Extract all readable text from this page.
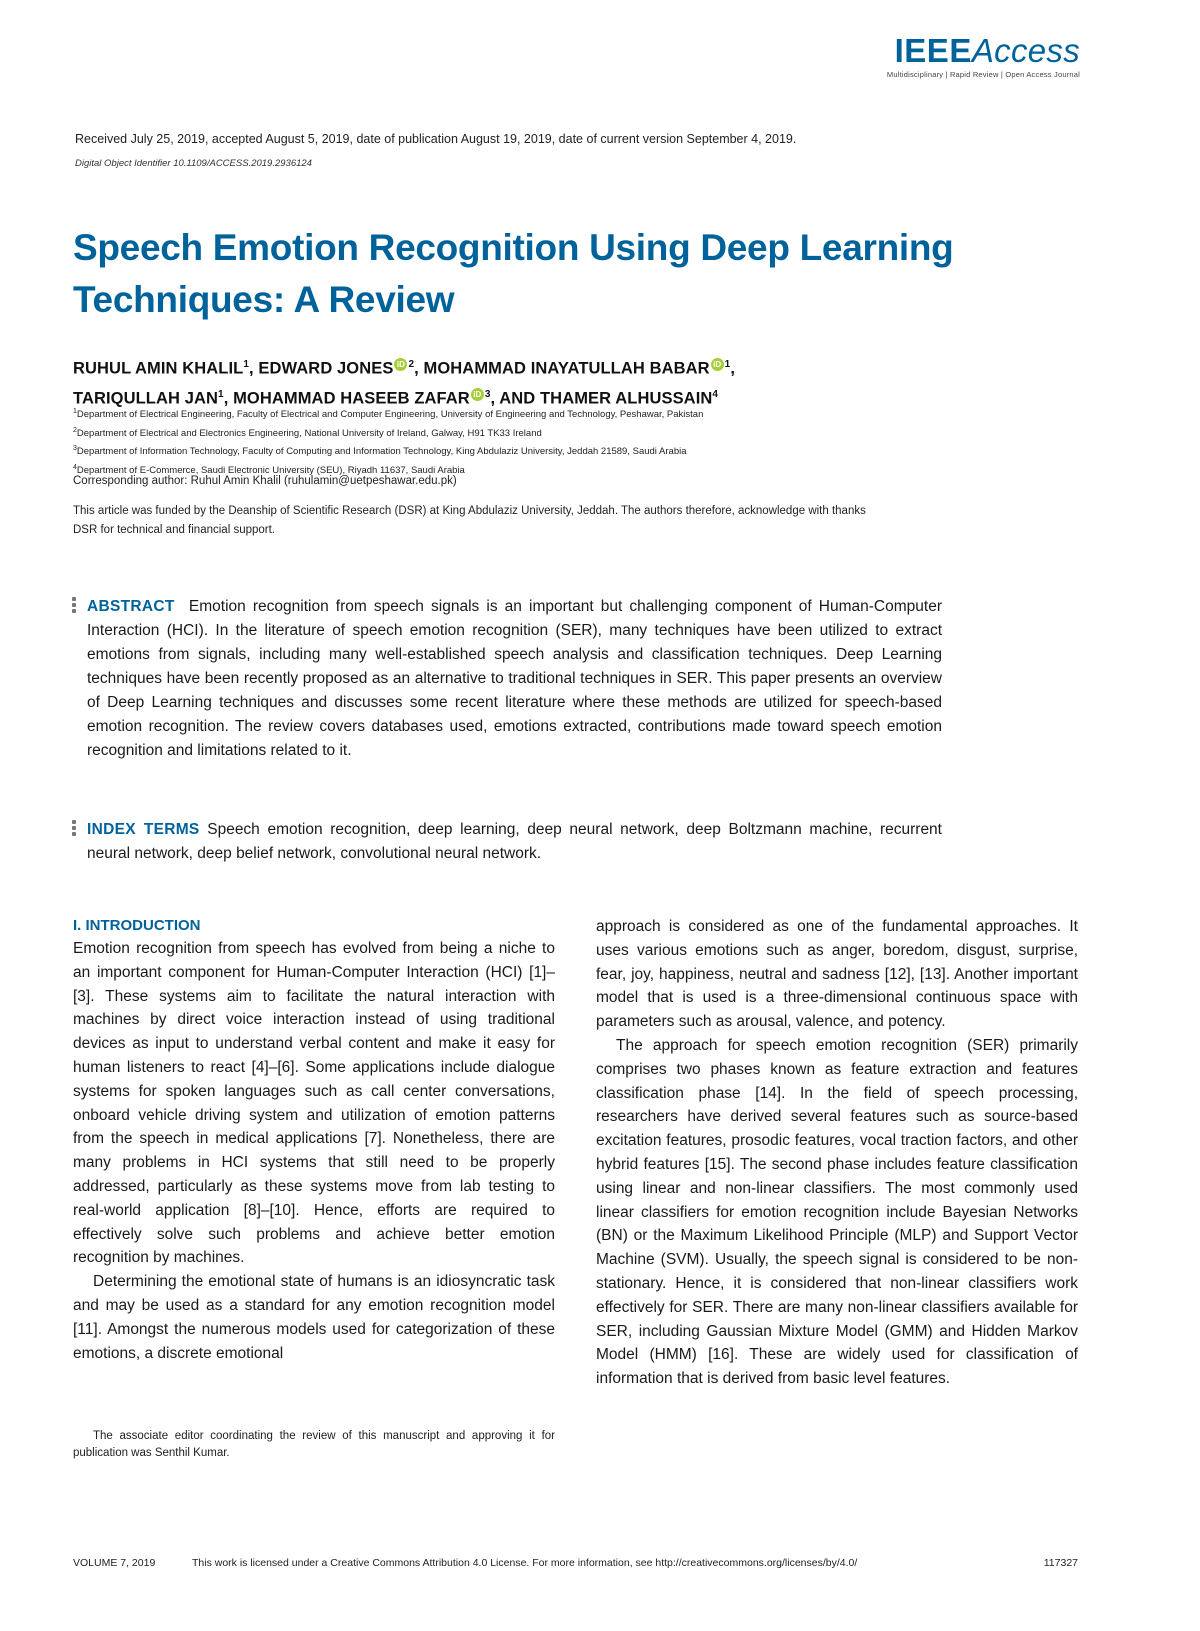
IEEEAccess
Multidisciplinary | Rapid Review | Open Access Journal
Received July 25, 2019, accepted August 5, 2019, date of publication August 19, 2019, date of current version September 4, 2019.
Digital Object Identifier 10.1109/ACCESS.2019.2936124
Speech Emotion Recognition Using Deep Learning Techniques: A Review

RUHUL AMIN KHALIL$^1$, EDWARD JONES iD $^2$, MOHAMMAD INAYATULLAH BABAR iD $^1$,
TARIQULLAH JAN$^1$, MOHAMMAD HASEEB ZAFAR iD $^3$, AND THAMER ALHUSSAIN$^4$

$^1$Department of Electrical Engineering, Faculty of Electrical and Computer Engineering, University of Engineering and Technology, Peshawar, Pakistan
$^2$Department of Electrical and Electronics Engineering, National University of Ireland, Galway, H91 TK33 Ireland
$^3$Department of Information Technology, Faculty of Computing and Information Technology, King Abdulaziz University, Jeddah 21589, Saudi Arabia
$^4$Department of E-Commerce, Saudi Electronic University (SEU), Riyadh 11637, Saudi Arabia
Corresponding author: Ruhul Amin Khalil (ruhulamin@uetpeshawar.edu.pk)
This article was funded by the Deanship of Scientific Research (DSR) at King Abdulaziz University, Jeddah. The authors therefore, acknowledge with thanks DSR for technical and financial support.

ABSTRACT Emotion recognition from speech signals is an important but challenging component of Human-Computer Interaction (HCI). In the literature of speech emotion recognition (SER), many techniques have been utilized to extract emotions from signals, including many well-established speech analysis and classification techniques. Deep Learning techniques have been recently proposed as an alternative to traditional techniques in SER. This paper presents an overview of Deep Learning techniques and discusses some recent literature where these methods are utilized for speech-based emotion recognition. The review covers databases used, emotions extracted, contributions made toward speech emotion recognition and limitations related to it.

INDEX TERMS Speech emotion recognition, deep learning, deep neural network, deep Boltzmann machine, recurrent neural network, deep belief network, convolutional neural network.

I. INTRODUCTION

Emotion recognition from speech has evolved from being a niche to an important component for Human-Computer Interaction (HCI) [1]–[3]. These systems aim to facilitate the natural interaction with machines by direct voice interaction instead of using traditional devices as input to understand verbal content and make it easy for human listeners to react [4]–[6]. Some applications include dialogue systems for spoken languages such as call center conversations, onboard vehicle driving system and utilization of emotion patterns from the speech in medical applications [7]. Nonetheless, there are many problems in HCI systems that still need to be properly addressed, particularly as these systems move from lab testing to real-world application [8]–[10]. Hence, efforts are required to effectively solve such problems and achieve better emotion recognition by machines.

Determining the emotional state of humans is an idiosyncratic task and may be used as a standard for any emotion recognition model [11]. Amongst the numerous models used for categorization of these emotions, a discrete emotional

approach is considered as one of the fundamental approaches. It uses various emotions such as anger, boredom, disgust, surprise, fear, joy, happiness, neutral and sadness [12], [13]. Another important model that is used is a three-dimensional continuous space with parameters such as arousal, valence, and potency.

The approach for speech emotion recognition (SER) primarily comprises two phases known as feature extraction and features classification phase [14]. In the field of speech processing, researchers have derived several features such as source-based excitation features, prosodic features, vocal traction factors, and other hybrid features [15]. The second phase includes feature classification using linear and non-linear classifiers. The most commonly used linear classifiers for emotion recognition include Bayesian Networks (BN) or the Maximum Likelihood Principle (MLP) and Support Vector Machine (SVM). Usually, the speech signal is considered to be non-stationary. Hence, it is considered that non-linear classifiers work effectively for SER. There are many non-linear classifiers available for SER, including Gaussian Mixture Model (GMM) and Hidden Markov Model (HMM) [16]. These are widely used for classification of information that is derived from basic level features.

The associate editor coordinating the review of this manuscript and approving it for publication was Senthil Kumar.

VOLUME 7, 2019	This work is licensed under a Creative Commons Attribution 4.0 License. For more information, see http://creativecommons.org/licenses/by/4.0/	117327
